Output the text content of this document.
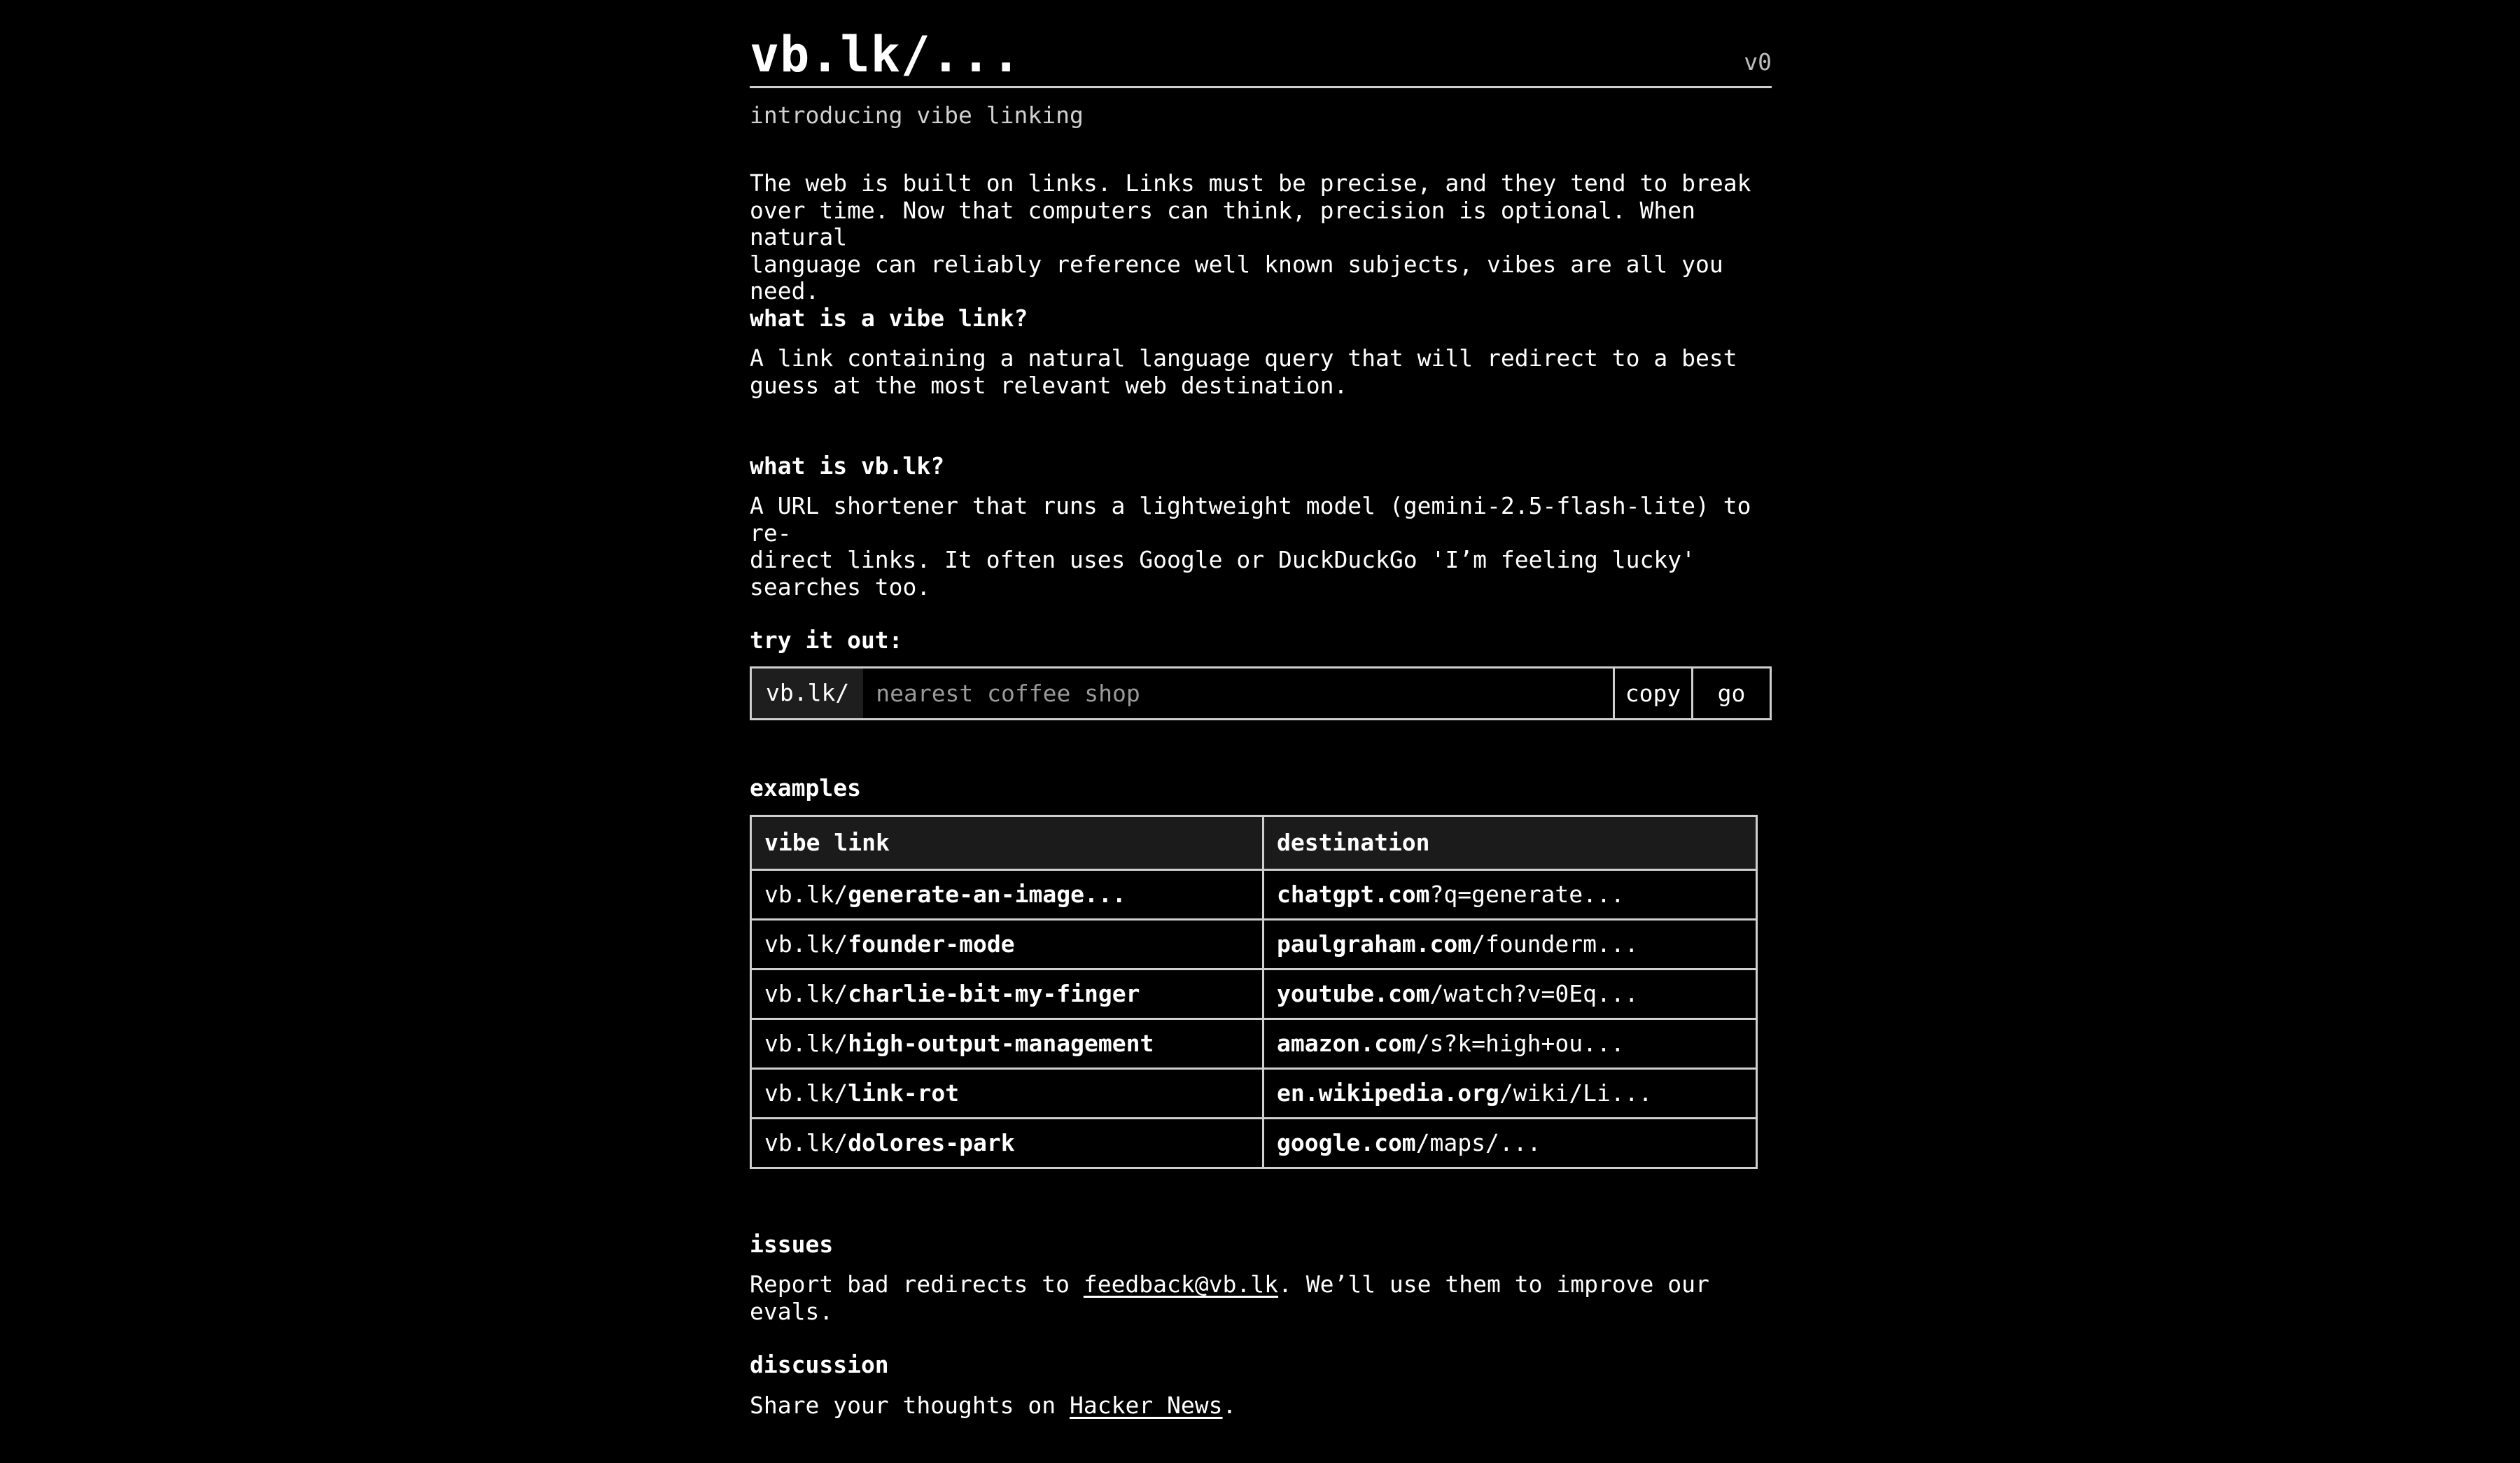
vb.lk/...	v0

introducing vibe linking

The web is built on links. Links must be precise, and they tend to break
over time. Now that computers can think, precision is optional. When natural
language can reliably reference well known subjects, vibes are all you need.
what is a vibe link?
A link containing a natural language query that will redirect to a best
guess at the most relevant web destination.
what is vb.lk?
A URL shortener that runs a lightweight model (gemini-2.5-flash-lite) to re-
direct links. It often uses Google or DuckDuckGo 'I’m feeling lucky'
searches too.
try it out:
vb.lk/
nearest coffee shop	copy	go
examples
vibe link	destination
vb.lk/generate-an-image...	chatgpt.com?q=generate...
vb.lk/founder-mode	paulgraham.com/founderm...
vb.lk/charlie-bit-my-finger	youtube.com/watch?v=0Eq...
vb.lk/high-output-management	amazon.com/s?k=high+ou...
vb.lk/link-rot	en.wikipedia.org/wiki/Li...
vb.lk/dolores-park	google.com/maps/...
issues
Report bad redirects to feedback@vb.lk. We’ll use them to improve our evals.
discussion
Share your thoughts on Hacker News.
